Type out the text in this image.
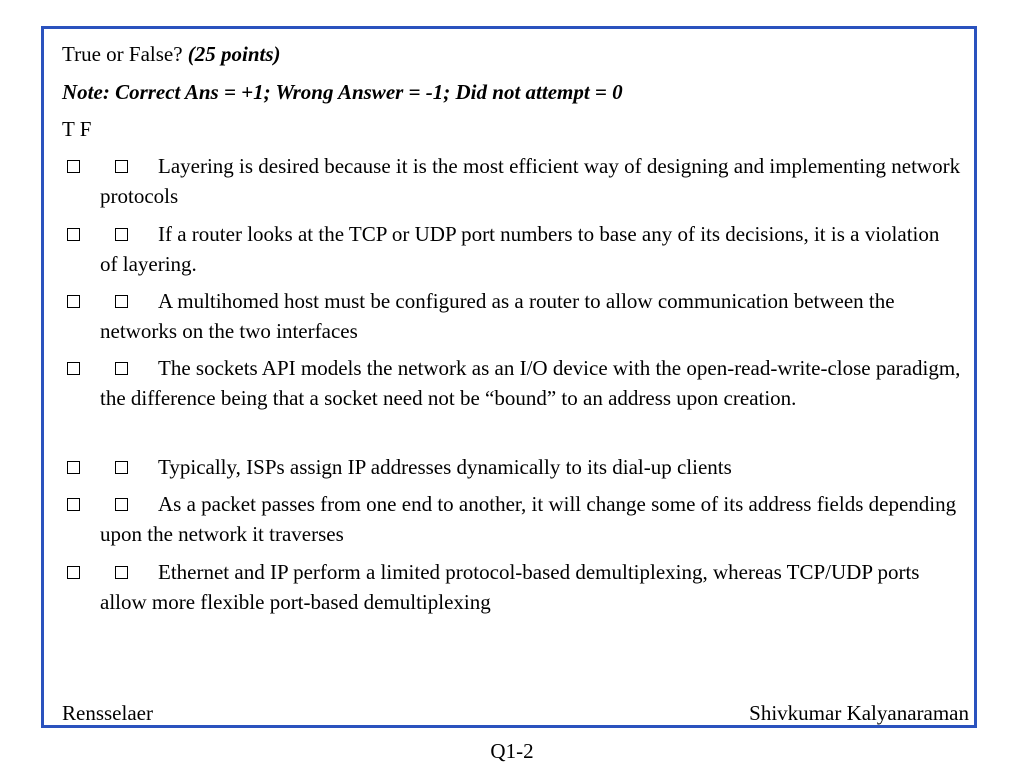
True or False? (25 points)
Note: Correct Ans = +1; Wrong Answer = -1; Did not attempt = 0
T F
Layering is desired because it is the most efficient way of designing and implementing network protocols
If a router looks at the TCP or UDP port numbers to base any of its decisions, it is a violation of layering.
A multihomed host must be configured as a router to allow communication between the networks on the two interfaces
The sockets API models the network as an I/O device with the open-read-write-close paradigm, the difference being that a socket need not be “bound” to an address upon creation.
Typically, ISPs assign IP addresses dynamically to its dial-up clients
As a packet passes from one end to another, it will change some of its address fields depending upon the network it traverses
Ethernet and IP perform a limited protocol-based demultiplexing, whereas TCP/UDP ports allow more flexible port-based demultiplexing
Rensselaer	Shivkumar Kalyanaraman
Q1-2
